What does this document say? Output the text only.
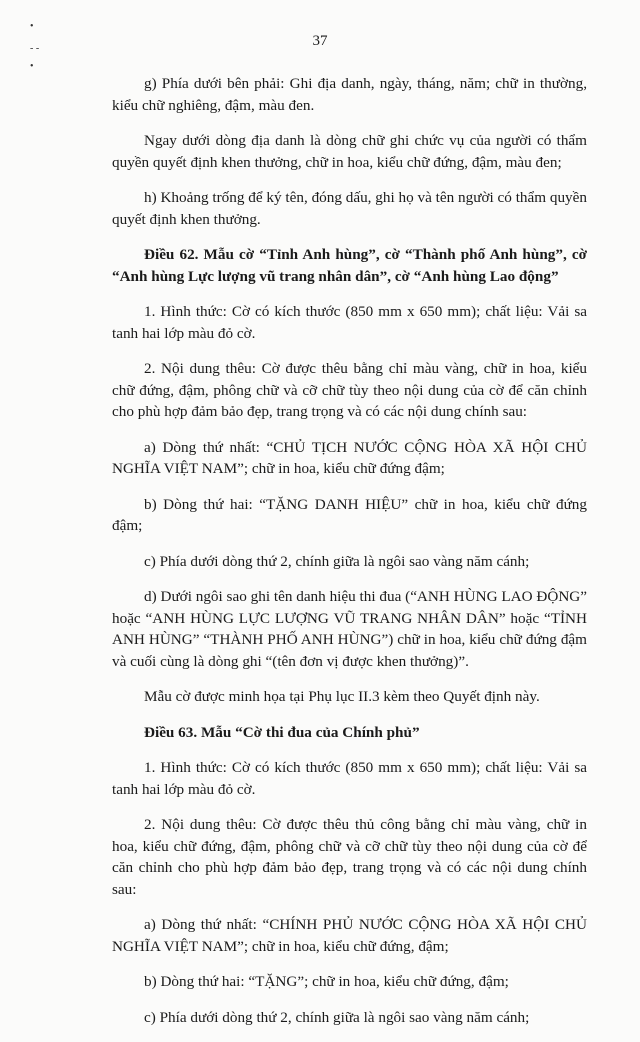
•
- -
•
37

g) Phía dưới bên phải: Ghi địa danh, ngày, tháng, năm; chữ in thường, kiểu chữ nghiêng, đậm, màu đen.

Ngay dưới dòng địa danh là dòng chữ ghi chức vụ của người có thẩm quyền quyết định khen thưởng, chữ in hoa, kiểu chữ đứng, đậm, màu đen;

h) Khoảng trống để ký tên, đóng dấu, ghi họ và tên người có thẩm quyền quyết định khen thưởng.

Điều 62. Mẫu cờ “Tỉnh Anh hùng”, cờ “Thành phố Anh hùng”, cờ “Anh hùng Lực lượng vũ trang nhân dân”, cờ “Anh hùng Lao động”

1. Hình thức: Cờ có kích thước (850 mm x 650 mm); chất liệu: Vải sa tanh hai lớp màu đỏ cờ.

2. Nội dung thêu: Cờ được thêu bằng chỉ màu vàng, chữ in hoa, kiểu chữ đứng, đậm, phông chữ và cỡ chữ tùy theo nội dung của cờ để căn chỉnh cho phù hợp đảm bảo đẹp, trang trọng và có các nội dung chính sau:

a) Dòng thứ nhất: “CHỦ TỊCH NƯỚC CỘNG HÒA XÃ HỘI CHỦ NGHĨA VIỆT NAM”; chữ in hoa, kiểu chữ đứng đậm;

b) Dòng thứ hai: “TẶNG DANH HIỆU” chữ in hoa, kiểu chữ đứng đậm;

c) Phía dưới dòng thứ 2, chính giữa là ngôi sao vàng năm cánh;

d) Dưới ngôi sao ghi tên danh hiệu thi đua (“ANH HÙNG LAO ĐỘNG” hoặc “ANH HÙNG LỰC LƯỢNG VŨ TRANG NHÂN DÂN” hoặc “TỈNH ANH HÙNG” “THÀNH PHỐ ANH HÙNG”) chữ in hoa, kiểu chữ đứng đậm và cuối cùng là dòng ghi “(tên đơn vị được khen thưởng)”.

Mẫu cờ được minh họa tại Phụ lục II.3 kèm theo Quyết định này.

Điều 63. Mẫu “Cờ thi đua của Chính phủ”

1. Hình thức: Cờ có kích thước (850 mm x 650 mm); chất liệu: Vải sa tanh hai lớp màu đỏ cờ.

2. Nội dung thêu: Cờ được thêu thủ công bằng chỉ màu vàng, chữ in hoa, kiểu chữ đứng, đậm, phông chữ và cỡ chữ tùy theo nội dung của cờ để căn chỉnh cho phù hợp đảm bảo đẹp, trang trọng và có các nội dung chính sau:

a) Dòng thứ nhất: “CHÍNH PHỦ NƯỚC CỘNG HÒA XÃ HỘI CHỦ NGHĨA VIỆT NAM”; chữ in hoa, kiểu chữ đứng, đậm;

b) Dòng thứ hai: “TẶNG”; chữ in hoa, kiểu chữ đứng, đậm;

c) Phía dưới dòng thứ 2, chính giữa là ngôi sao vàng năm cánh;
